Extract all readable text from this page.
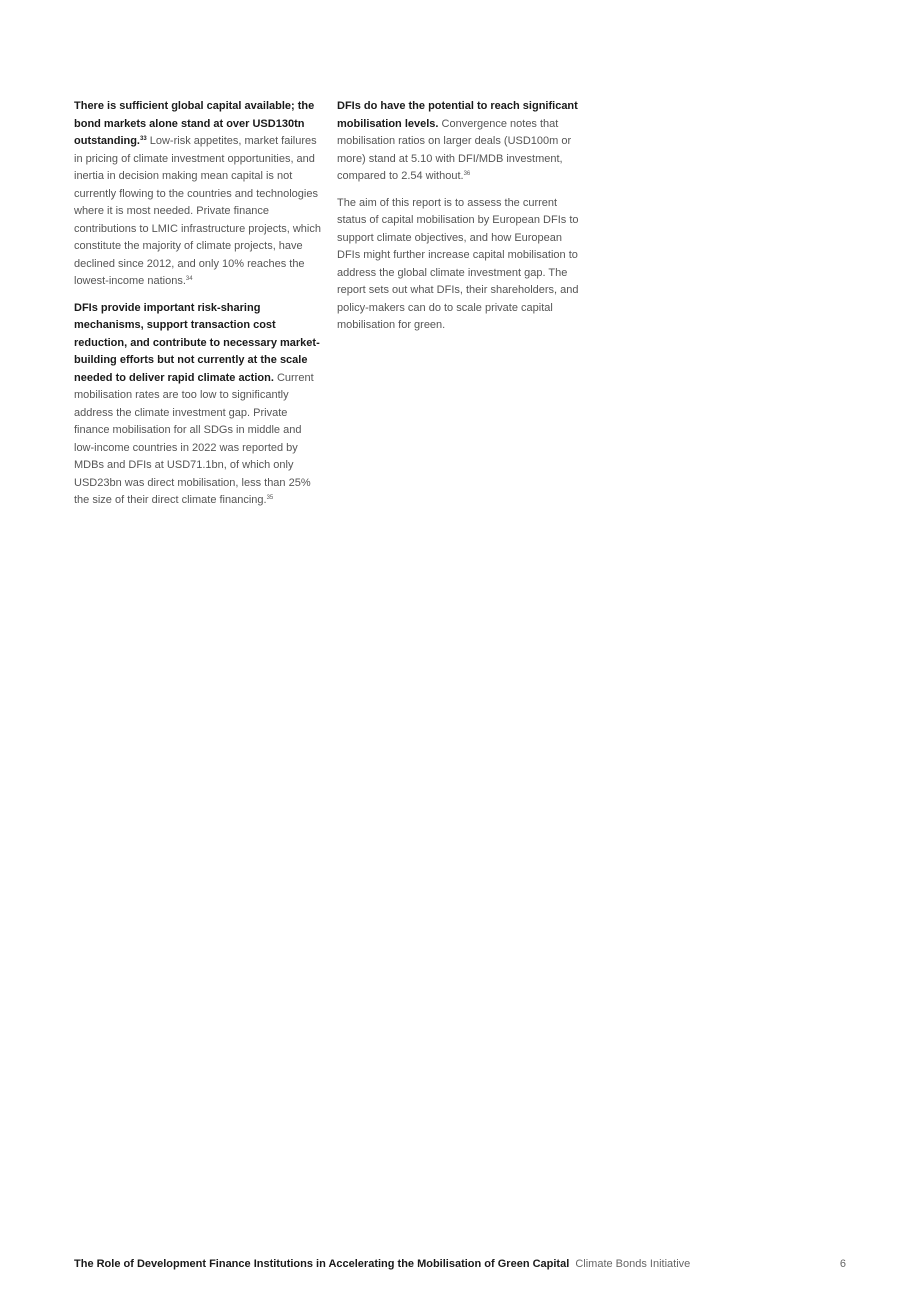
There is sufficient global capital available; the bond markets alone stand at over USD130tn outstanding.$^{33}$ Low-risk appetites, market failures in pricing of climate investment opportunities, and inertia in decision making mean capital is not currently flowing to the countries and technologies where it is most needed. Private finance contributions to LMIC infrastructure projects, which constitute the majority of climate projects, have declined since 2012, and only 10% reaches the lowest-income nations.$^{34}$

DFIs provide important risk-sharing mechanisms, support transaction cost reduction, and contribute to necessary market-building efforts but not currently at the scale needed to deliver rapid climate action. Current mobilisation rates are too low to significantly address the climate investment gap. Private finance mobilisation for all SDGs in middle and low-income countries in 2022 was reported by MDBs and DFIs at USD71.1bn, of which only USD23bn was direct mobilisation, less than 25% the size of their direct climate financing.$^{35}$

DFIs do have the potential to reach significant mobilisation levels. Convergence notes that mobilisation ratios on larger deals (USD100m or more) stand at 5.10 with DFI/MDB investment, compared to 2.54 without.$^{36}$

The aim of this report is to assess the current status of capital mobilisation by European DFIs to support climate objectives, and how European DFIs might further increase capital mobilisation to address the global climate investment gap. The report sets out what DFIs, their shareholders, and policy-makers can do to scale private capital mobilisation for green.

The Role of Development Finance Institutions in Accelerating the Mobilisation of Green Capital Climate Bonds Initiative	6
